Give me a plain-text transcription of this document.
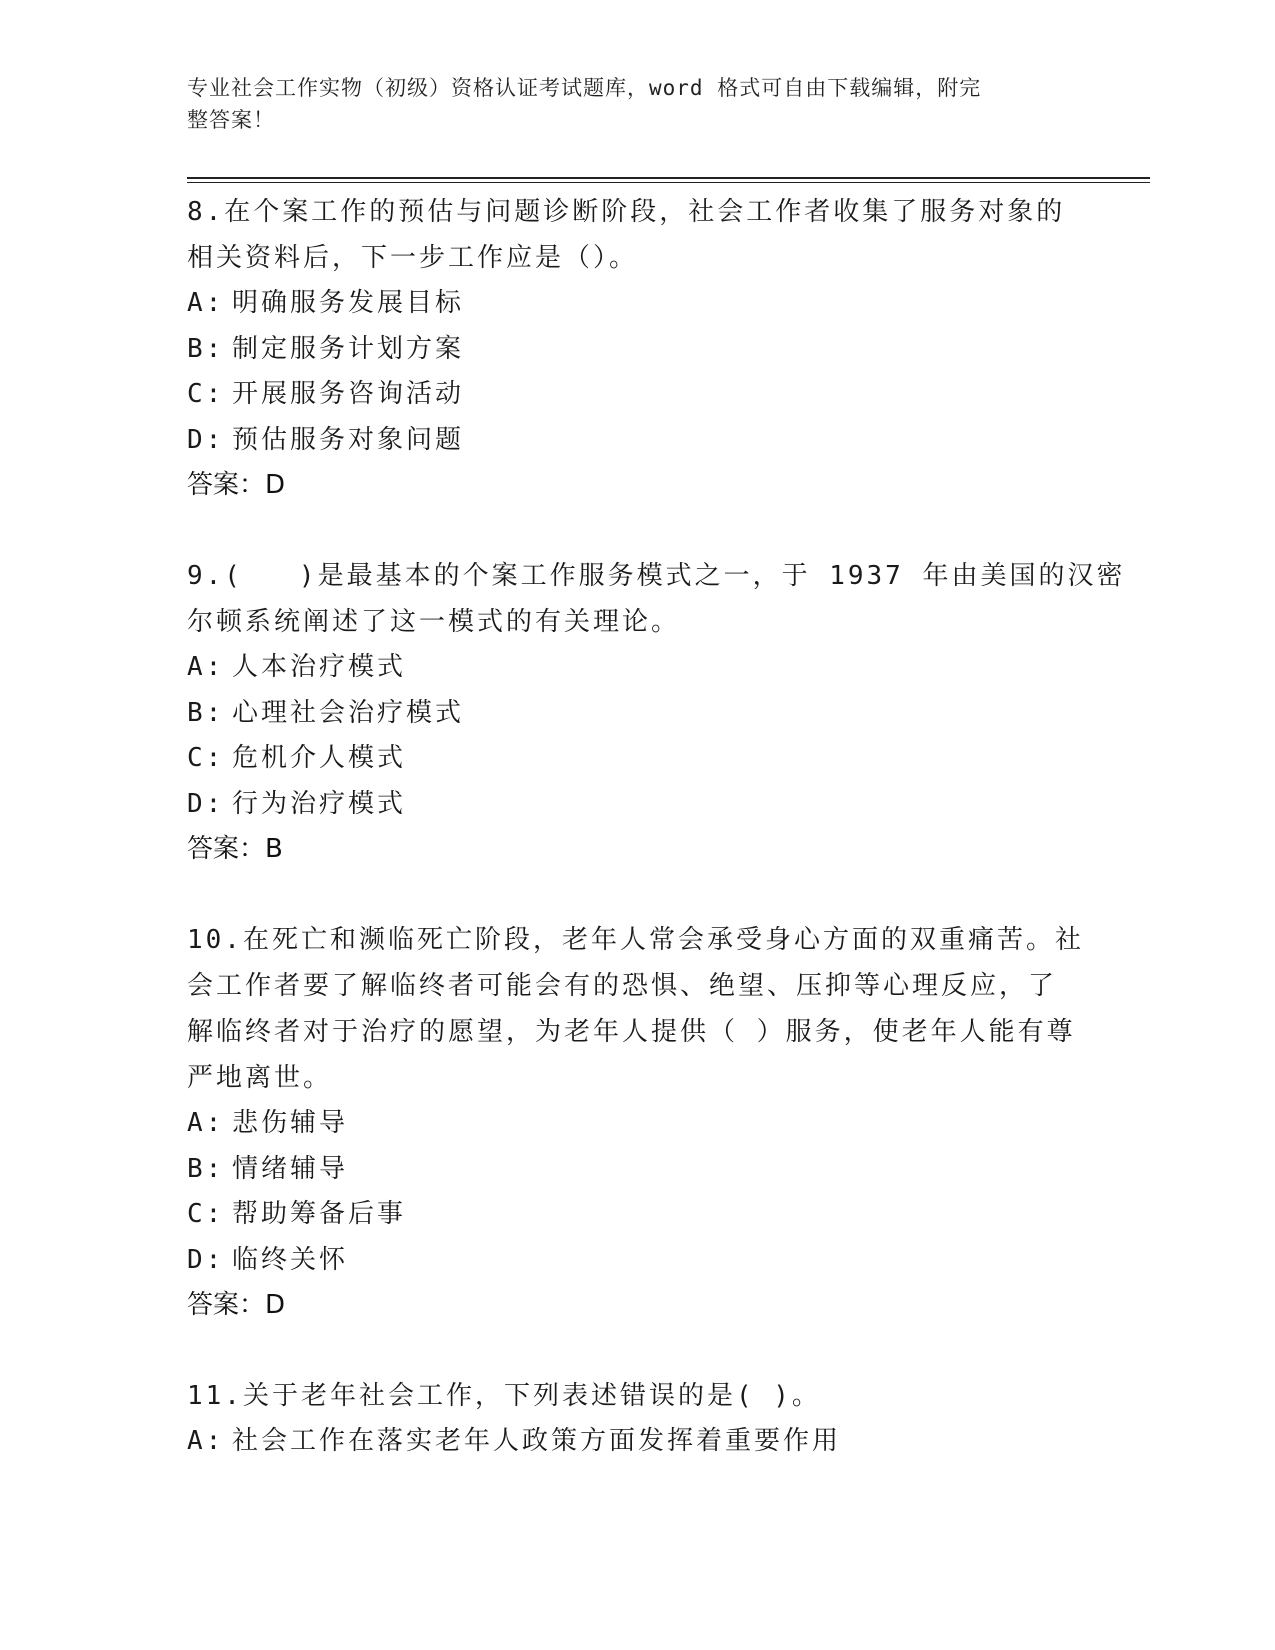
专业社会工作实物（初级）资格认证考试题库，word 格式可自由下载编辑，附完
整答案！

8.在个案工作的预估与问题诊断阶段，社会工作者收集了服务对象的

相关资料后，下一步工作应是（）。

A: 明确服务发展目标

B: 制定服务计划方案

C: 开展服务咨询活动

D: 预估服务对象问题

答案：D

9.(   )是最基本的个案工作服务模式之一，于 1937 年由美国的汉密

尔顿系统阐述了这一模式的有关理论。

A: 人本治疗模式

B: 心理社会治疗模式

C: 危机介人模式

D: 行为治疗模式

答案：B

10.在死亡和濒临死亡阶段，老年人常会承受身心方面的双重痛苦。社

会工作者要了解临终者可能会有的恐惧、绝望、压抑等心理反应，了

解临终者对于治疗的愿望，为老年人提供（ ）服务，使老年人能有尊

严地离世。

A: 悲伤辅导

B: 情绪辅导

C: 帮助筹备后事

D: 临终关怀

答案：D

11.关于老年社会工作，下列表述错误的是( )。

A: 社会工作在落实老年人政策方面发挥着重要作用
